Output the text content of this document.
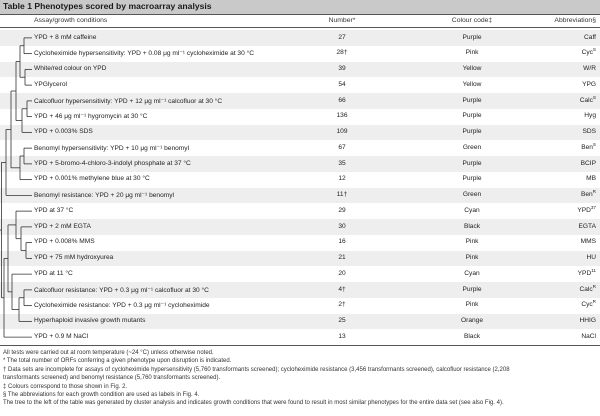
Table 1 Phenotypes scored by macroarray analysis
Assay/growth conditions	Number*	Colour code‡	Abbreviation§
YPD + 8 mM caffeine	27	Purple	Caff
Cycloheximide hypersensitivity: YPD + 0.08 μg ml⁻¹ cycloheximide at 30 °C	28†	Pink	Cyc$^S$
White/red colour on YPD	39	Yellow	W/R
YPGlycerol	54	Yellow	YPG
Calcofluor hypersensitivity: YPD + 12 μg ml⁻¹ calcofluor at 30 °C	66	Purple	Calc$^S$
YPD + 46 μg ml⁻¹ hygromycin at 30 °C	136	Purple	Hyg
YPD + 0.003% SDS	109	Purple	SDS
Benomyl hypersensitivity: YPD + 10 μg ml⁻¹ benomyl	67	Green	Ben$^S$
YPD + 5-bromo-4-chloro-3-indolyl phosphate at 37 °C	35	Purple	BCIP
YPD + 0.001% methylene blue at 30 °C	12	Purple	MB
Benomyl resistance: YPD + 20 μg ml⁻¹ benomyl	11†	Green	Ben$^R$
YPD at 37 °C	29	Cyan	YPD$^{37}$
YPD + 2 mM EGTA	30	Black	EGTA
YPD + 0.008% MMS	16	Pink	MMS
YPD + 75 mM hydroxyurea	21	Pink	HU
YPD at 11 °C	20	Cyan	YPD$^{11}$
Calcofluor resistance: YPD + 0.3 μg ml⁻¹ calcofluor at 30 °C	4†	Purple	Calc$^R$
Cycloheximide resistance: YPD + 0.3 μg ml⁻¹ cycloheximide	2†	Pink	Cyc$^R$
Hyperhaploid invasive growth mutants	25	Orange	HHIG
YPD + 0.9 M NaCl	13	Black	NaCl
All tests were carried out at room temperature (~24 °C) unless otherwise noted.
* The total number of ORFs conferring a given phenotype upon disruption is indicated.
† Data sets are incomplete for assays of cycloheximide hypersensitivity (5,760 transformants screened); cycloheximide resistance (3,456 transformants screened), calcofluor resistance (2,208
transformants screened) and benomyl resistance (5,760 transformants screened).
‡ Colours correspond to those shown in Fig. 2.
§ The abbreviations for each growth condition are used as labels in Fig. 4.
The tree to the left of the table was generated by cluster analysis and indicates growth conditions that were found to result in most similar phenotypes for the entire data set (see also Fig. 4).
